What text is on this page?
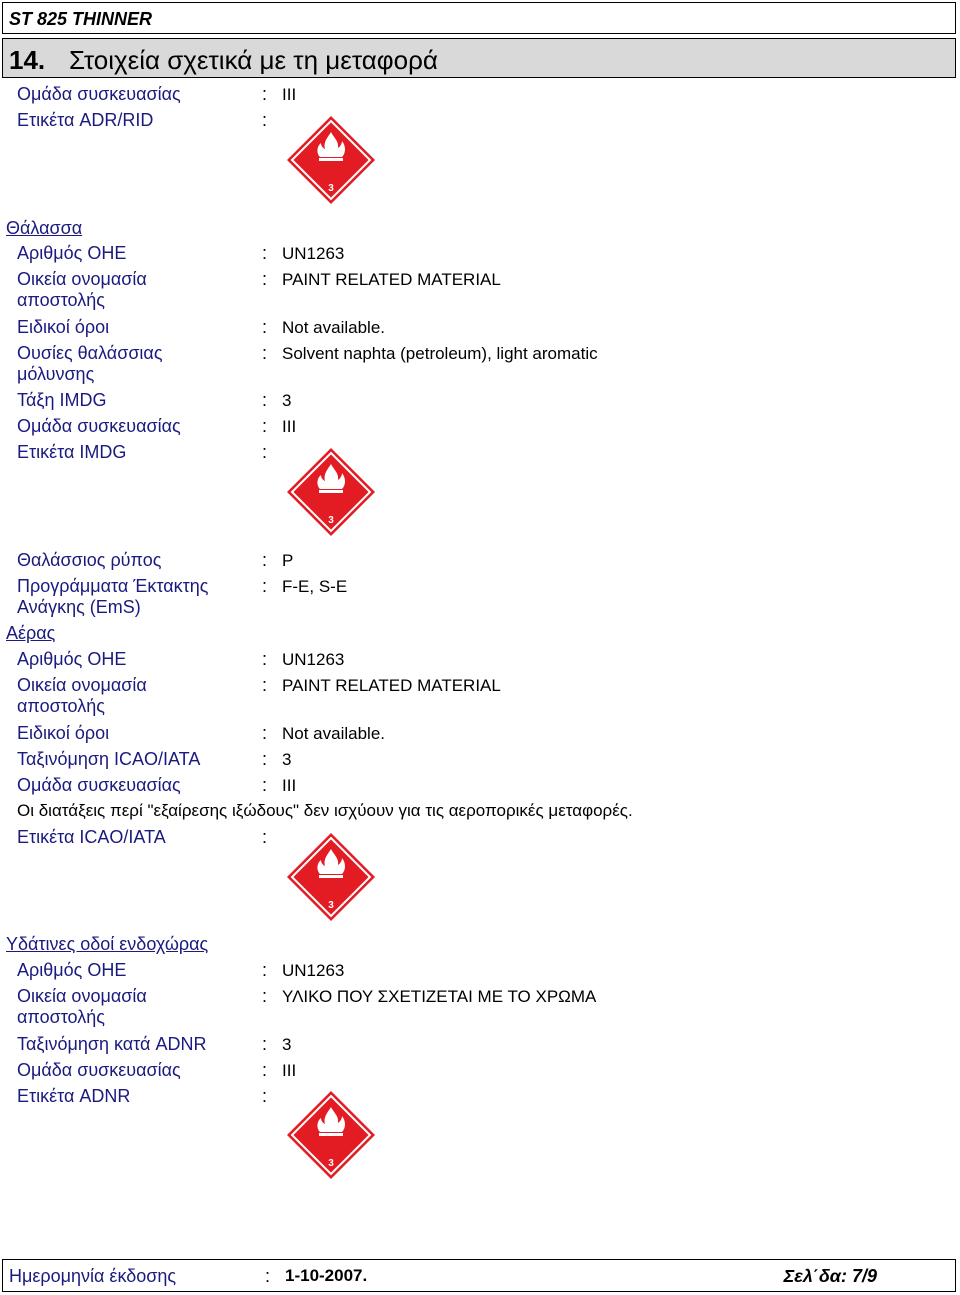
ST 825 THINNER
14. Στοιχεία σχετικά με τη μεταφορά
Ομάδα συσκευασίας	: III
Ετικέτα ADR/RID	:
3
Θάλασσα
Αριθμός ΟΗΕ	: UN1263
Οικεία ονομασία
αποστολής
: PAINT RELATED MATERIAL
Ειδικοί όροι	: Not available.
Ουσίες θαλάσσιας
μόλυνσης
: Solvent naphta (petroleum), light aromatic
Τάξη IMDG	: 3
Ομάδα συσκευασίας	: III
Ετικέτα IMDG	:
3
Θαλάσσιος ρύπος	: P
Προγράμματα Έκτακτης
Ανάγκης (EmS)
: F-E, S-E
Αέρας
Αριθμός ΟΗΕ	: UN1263
Οικεία ονομασία
αποστολής
: PAINT RELATED MATERIAL
Ειδικοί όροι	: Not available.
Ταξινόμηση ICAO/IATA	: 3
Ομάδα συσκευασίας	: III
Οι διατάξεις περί "εξαίρεσης ιξώδους" δεν ισχύουν για τις αεροπορικές μεταφορές.
Ετικέτα ICAO/IATA	:
3
Υδάτινες οδοί ενδοχώρας
Αριθμός ΟΗΕ	: UN1263
Οικεία ονομασία
αποστολής
: ΥΛΙΚΟ ΠΟΥ ΣΧΕΤΙΖΕΤΑΙ ΜΕ ΤΟ ΧΡΩΜΑ
Ταξινόμηση κατά ADNR	: 3
Ομάδα συσκευασίας	: III
Ετικέτα ADNR	:
3
Ημερομηνία έκδοσης	: 1-10-2007.	Σελ΄δα: 7/9
